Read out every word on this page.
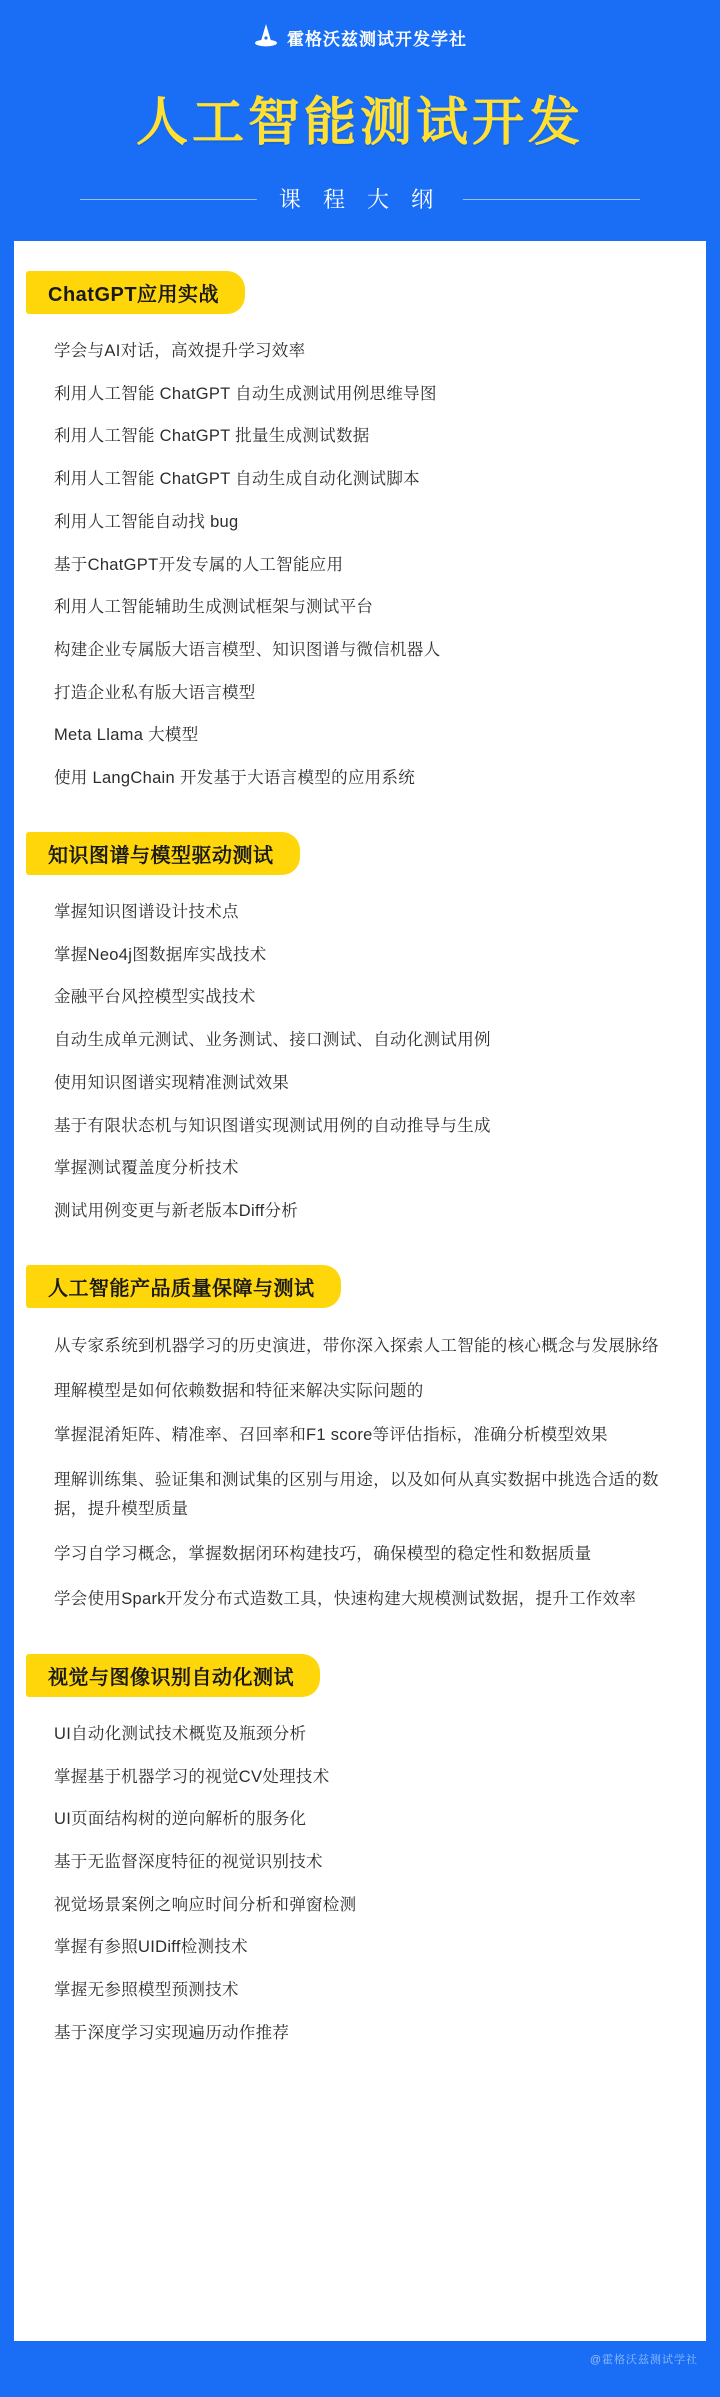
霍格沃兹测试开发学社
人工智能测试开发
课 程 大 纲
ChatGPT应用实战
学会与AI对话，高效提升学习效率
利用人工智能 ChatGPT 自动生成测试用例思维导图
利用人工智能 ChatGPT 批量生成测试数据
利用人工智能 ChatGPT 自动生成自动化测试脚本
利用人工智能自动找 bug
基于ChatGPT开发专属的人工智能应用
利用人工智能辅助生成测试框架与测试平台
构建企业专属版大语言模型、知识图谱与微信机器人
打造企业私有版大语言模型
Meta Llama 大模型
使用 LangChain 开发基于大语言模型的应用系统
知识图谱与模型驱动测试
掌握知识图谱设计技术点
掌握Neo4j图数据库实战技术
金融平台风控模型实战技术
自动生成单元测试、业务测试、接口测试、自动化测试用例
使用知识图谱实现精准测试效果
基于有限状态机与知识图谱实现测试用例的自动推导与生成
掌握测试覆盖度分析技术
测试用例变更与新老版本Diff分析
人工智能产品质量保障与测试
从专家系统到机器学习的历史演进，带你深入探索人工智能的核心概念与发展脉络
理解模型是如何依赖数据和特征来解决实际问题的
掌握混淆矩阵、精准率、召回率和F1 score等评估指标，准确分析模型效果
理解训练集、验证集和测试集的区别与用途，以及如何从真实数据中挑选合适的数据，提升模型质量
学习自学习概念，掌握数据闭环构建技巧，确保模型的稳定性和数据质量
学会使用Spark开发分布式造数工具，快速构建大规模测试数据，提升工作效率
视觉与图像识别自动化测试
UI自动化测试技术概览及瓶颈分析
掌握基于机器学习的视觉CV处理技术
UI页面结构树的逆向解析的服务化
基于无监督深度特征的视觉识别技术
视觉场景案例之响应时间分析和弹窗检测
掌握有参照UIDiff检测技术
掌握无参照模型预测技术
基于深度学习实现遍历动作推荐
@霍格沃兹测试学社
